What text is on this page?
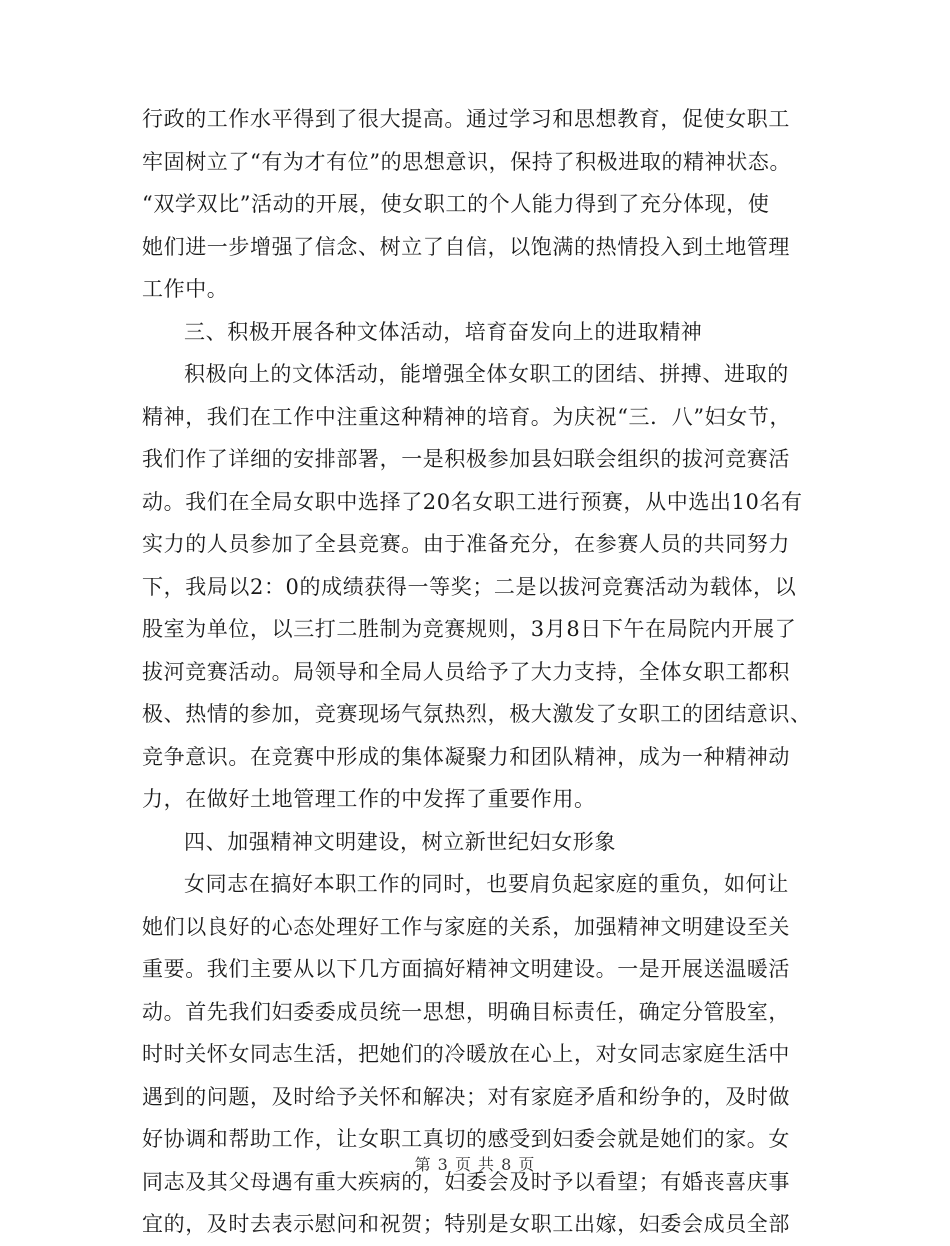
行政的工作水平得到了很大提高。通过学习和思想教育，促使女职工
牢固树立了“有为才有位”的思想意识，保持了积极进取的精神状态。
“双学双比”活动的开展，使女职工的个人能力得到了充分体现，使
她们进一步增强了信念、树立了自信，以饱满的热情投入到土地管理
工作中。
三、积极开展各种文体活动，培育奋发向上的进取精神
积极向上的文体活动，能增强全体女职工的团结、拼搏、进取的
精神，我们在工作中注重这种精神的培育。为庆祝“三．八”妇女节，
我们作了详细的安排部署，一是积极参加县妇联会组织的拔河竞赛活
动。我们在全局女职中选择了20名女职工进行预赛，从中选出10名有
实力的人员参加了全县竞赛。由于准备充分，在参赛人员的共同努力
下，我局以2：0的成绩获得一等奖；二是以拔河竞赛活动为载体，以
股室为单位，以三打二胜制为竞赛规则，3月8日下午在局院内开展了
拔河竞赛活动。局领导和全局人员给予了大力支持，全体女职工都积
极、热情的参加，竞赛现场气氛热烈，极大激发了女职工的团结意识、
竞争意识。在竞赛中形成的集体凝聚力和团队精神，成为一种精神动
力，在做好土地管理工作的中发挥了重要作用。
四、加强精神文明建设，树立新世纪妇女形象
女同志在搞好本职工作的同时，也要肩负起家庭的重负，如何让
她们以良好的心态处理好工作与家庭的关系，加强精神文明建设至关
重要。我们主要从以下几方面搞好精神文明建设。一是开展送温暖活
动。首先我们妇委委成员统一思想，明确目标责任，确定分管股室，
时时关怀女同志生活，把她们的冷暖放在心上，对女同志家庭生活中
遇到的问题，及时给予关怀和解决；对有家庭矛盾和纷争的，及时做
好协调和帮助工作，让女职工真切的感受到妇委会就是她们的家。女
同志及其父母遇有重大疾病的，妇委会及时予以看望；有婚丧喜庆事
宜的，及时去表示慰问和祝贺；特别是女职工出嫁，妇委会成员全部
第 3 页 共 8 页
